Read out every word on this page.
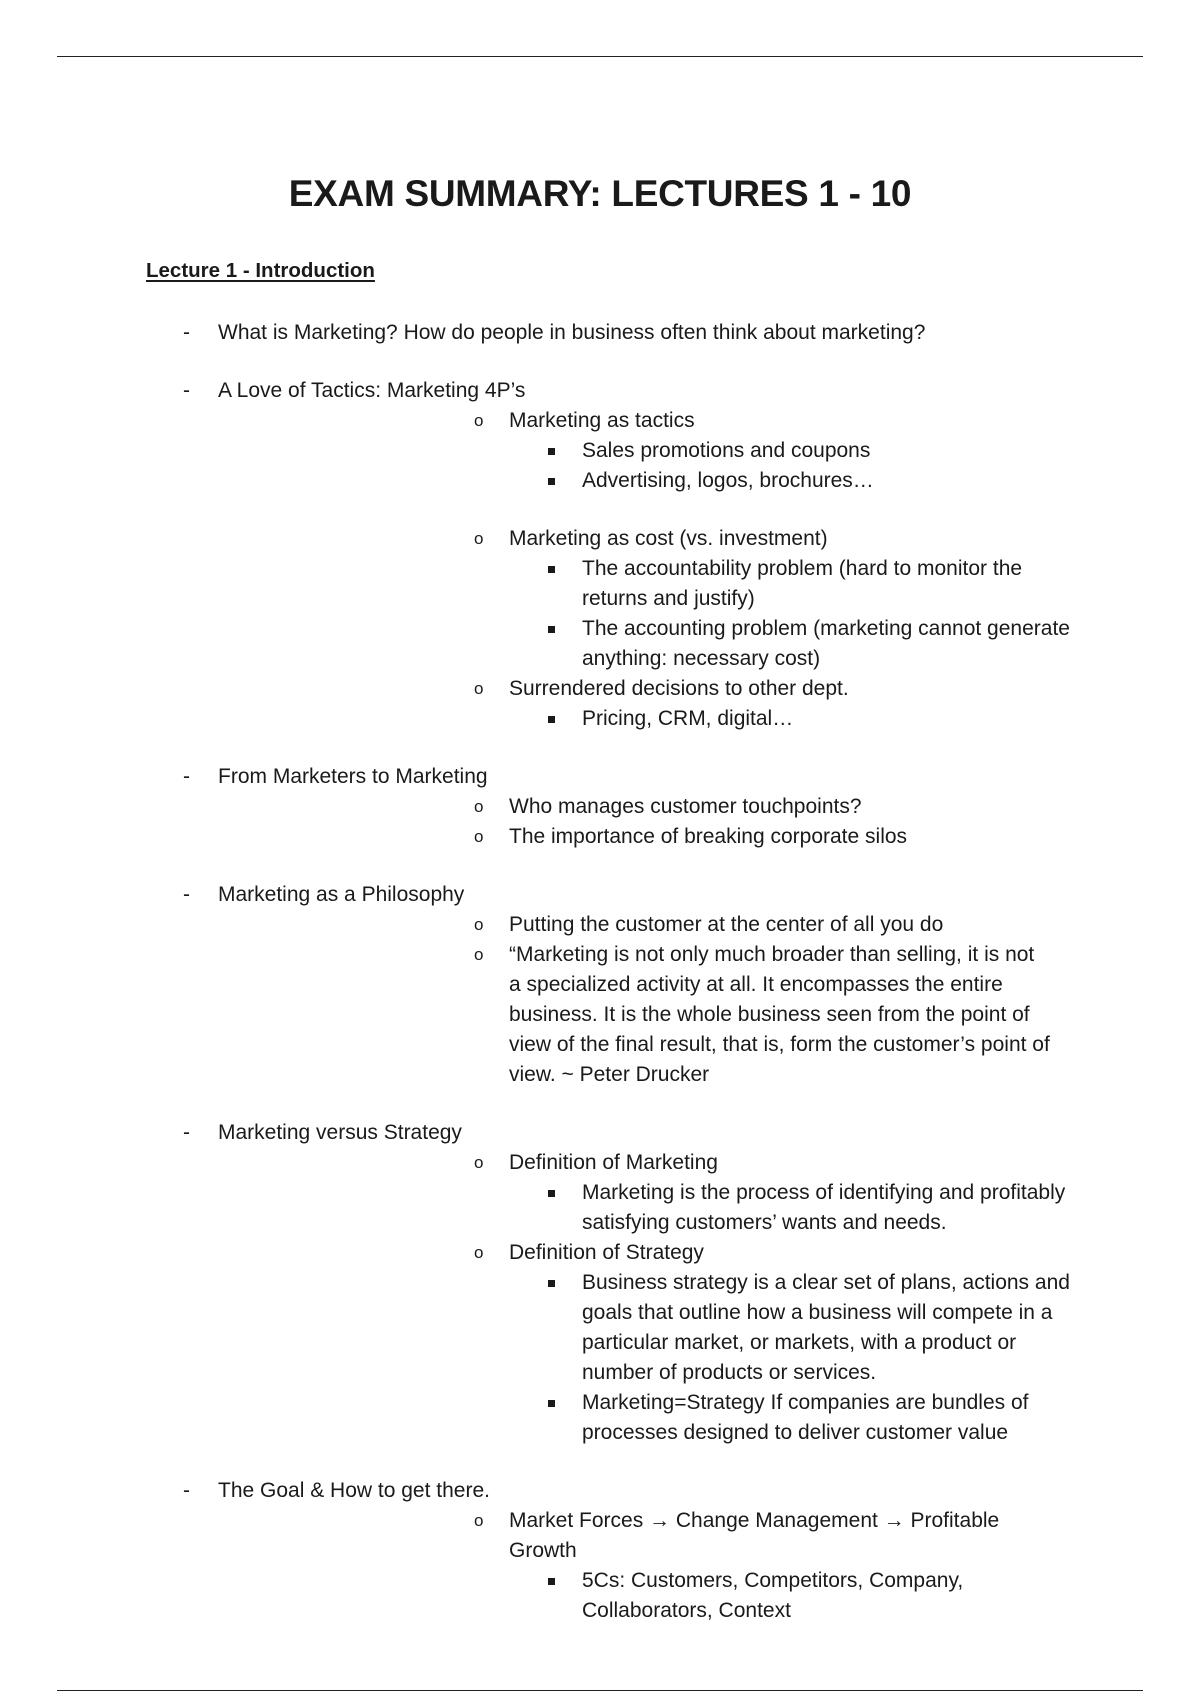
EXAM SUMMARY: LECTURES 1 - 10
Lecture 1 - Introduction
- What is Marketing? How do people in business often think about marketing?
- A Love of Tactics: Marketing 4P’s
o Marketing as tactics
Sales promotions and coupons
Advertising, logos, brochures…
o Marketing as cost (vs. investment)
The accountability problem (hard to monitor the returns and justify)
The accounting problem (marketing cannot generate anything: necessary cost)
o Surrendered decisions to other dept.
Pricing, CRM, digital…
- From Marketers to Marketing
o Who manages customer touchpoints?
o The importance of breaking corporate silos
- Marketing as a Philosophy
o Putting the customer at the center of all you do
o “Marketing is not only much broader than selling, it is not a specialized activity at all. It encompasses the entire business. It is the whole business seen from the point of view of the final result, that is, form the customer’s point of view. ~ Peter Drucker
- Marketing versus Strategy
o Definition of Marketing
Marketing is the process of identifying and profitably satisfying customers’ wants and needs.
o Definition of Strategy
Business strategy is a clear set of plans, actions and goals that outline how a business will compete in a particular market, or markets, with a product or number of products or services.
Marketing=Strategy If companies are bundles of processes designed to deliver customer value
- The Goal & How to get there.
o Market Forces → Change Management → Profitable Growth
5Cs: Customers, Competitors, Company, Collaborators, Context
